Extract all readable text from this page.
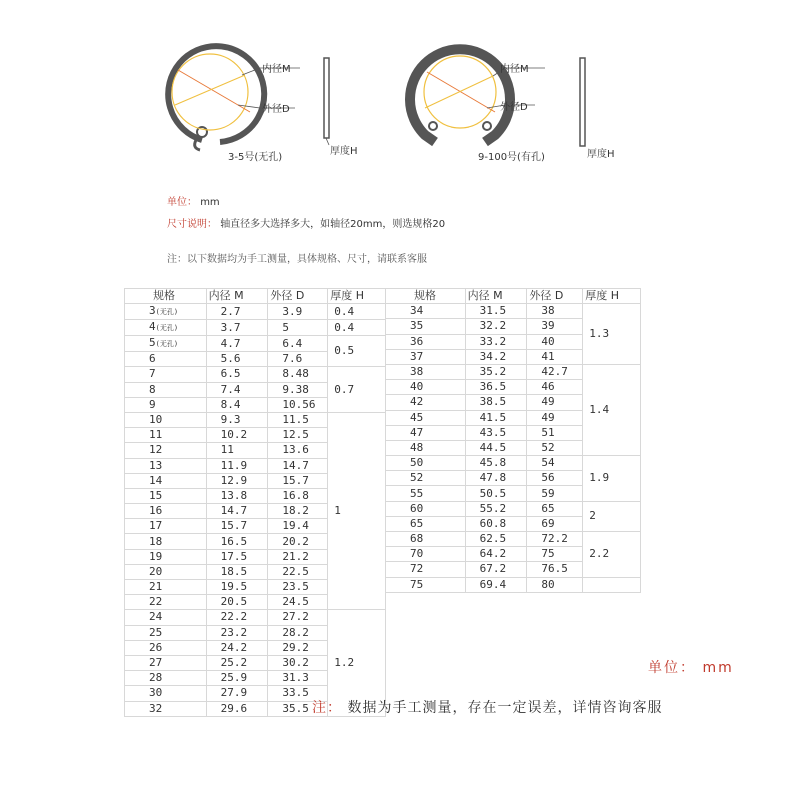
内径M
外径D
3-5号(无孔)
厚度H
内径M
外径D
9-100号(有孔)	厚度H
单位： mm
尺寸说明： 轴直径多大选择多大，如轴径20mm，则选规格20
注：以下数据均为手工测量，具体规格、尺寸，请联系客服
规格	内径 M	外径 D	厚度 H
3(无孔)	2.7	3.9	0.4
4(无孔)	3.7	5	0.4
5(无孔)	4.7	6.4	0.5
6	5.6	7.6	
7	6.5	8.48	0.7
8	7.4	9.38	
9	8.4	10.56	
10	9.3	11.5	1
11	10.2	12.5	
12	11	13.6	
13	11.9	14.7	
14	12.9	15.7	
15	13.8	16.8	
16	14.7	18.2	
17	15.7	19.4	
18	16.5	20.2	
19	17.5	21.2	
20	18.5	22.5	
21	19.5	23.5	
22	20.5	24.5	
24	22.2	27.2	1.2
25	23.2	28.2	
26	24.2	29.2	
27	25.2	30.2	
28	25.9	31.3	
30	27.9	33.5	
32	29.6	35.5	
规格	内径 M	外径 D	厚度 H
34	31.5	38	1.3
35	32.2	39	
36	33.2	40	
37	34.2	41	
38	35.2	42.7	1.4
40	36.5	46	
42	38.5	49	
45	41.5	49	
47	43.5	51	
48	44.5	52	
50	45.8	54	1.9
52	47.8	56	
55	50.5	59	
60	55.2	65	2
65	60.8	69	
68	62.5	72.2	2.2
70	64.2	75	
72	67.2	76.5	
75	69.4	80	
单位： mm
注： 数据为手工测量，存在一定误差，详情咨询客服
